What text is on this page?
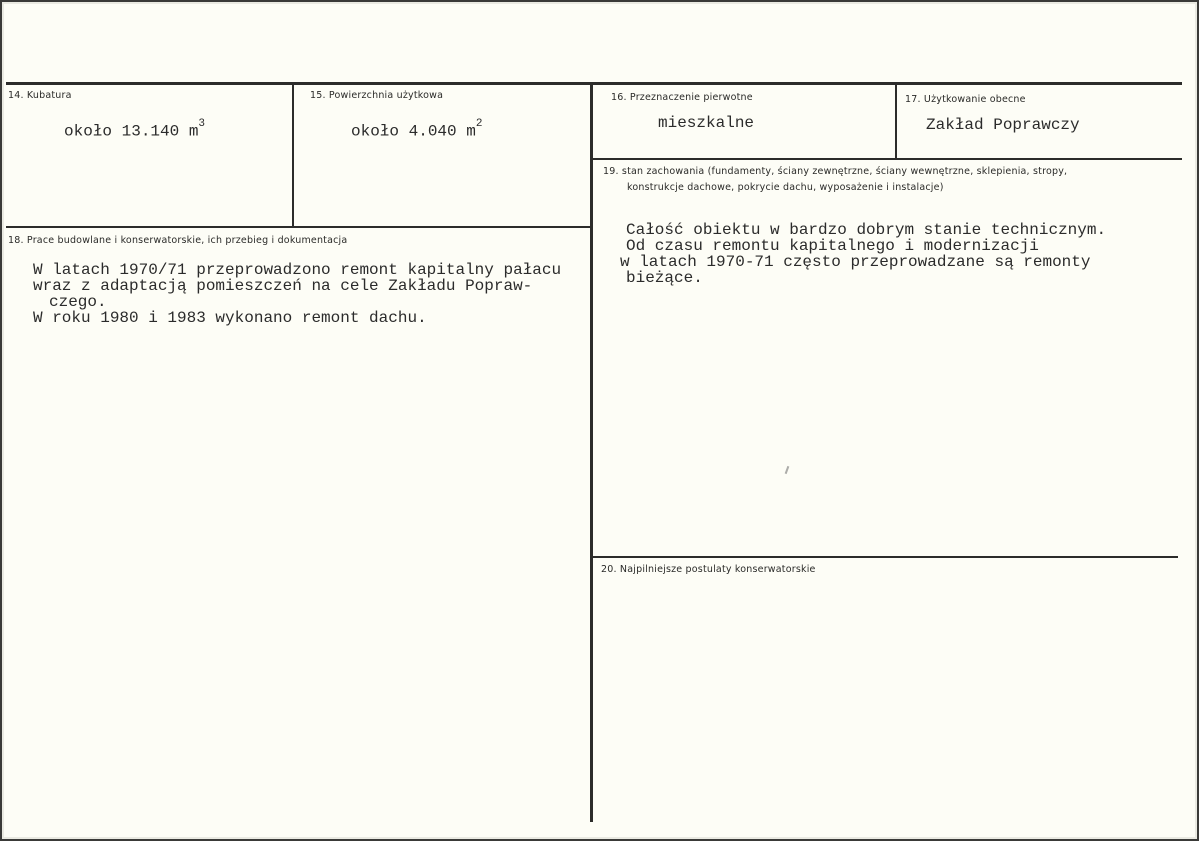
14. Kubatura
około 13.140 $m^3$
15. Powierzchnia użytkowa
około 4.040 $m^2$
16. Przeznaczenie pierwotne
mieszkalne
17. Użytkowanie obecne
Zakład Poprawczy
18. Prace budowlane i konserwatorskie, ich przebieg i dokumentacja
W latach 1970/71 przeprowadzono remont kapitalny pałacu
wraz z adaptacją pomieszczeń na cele Zakładu Popraw-
czego.
W roku 1980 i 1983 wykonano remont dachu.
19. stan zachowania (fundamenty, ściany zewnętrzne, ściany wewnętrzne, sklepienia, stropy,
konstrukcje dachowe, pokrycie dachu, wyposażenie i instalacje)
Całość obiektu w bardzo dobrym stanie technicznym.
Od czasu remontu kapitalnego i modernizacji
w latach 1970-71 często przeprowadzane są remonty
bieżące.
20. Najpilniejsze postulaty konserwatorskie
